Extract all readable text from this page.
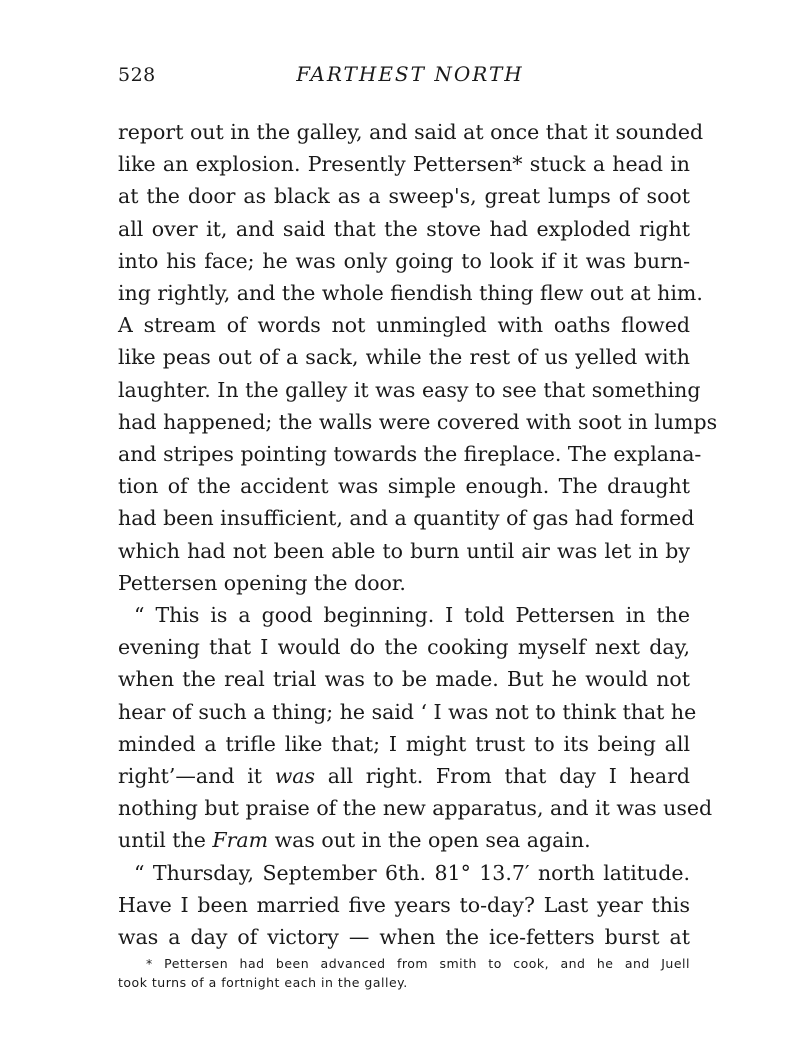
528	FARTHEST NORTH
report out in the galley, and said at once that it sounded
like an explosion. Presently Pettersen* stuck a head in
at the door as black as a sweep's, great lumps of soot
all over it, and said that the stove had exploded right
into his face; he was only going to look if it was burn-
ing rightly, and the whole fiendish thing flew out at him.
A stream of words not unmingled with oaths flowed
like peas out of a sack, while the rest of us yelled with
laughter. In the galley it was easy to see that something
had happened; the walls were covered with soot in lumps
and stripes pointing towards the fireplace. The explana-
tion of the accident was simple enough. The draught
had been insufficient, and a quantity of gas had formed
which had not been able to burn until air was let in by
Pettersen opening the door.
“ This is a good beginning. I told Pettersen in the
evening that I would do the cooking myself next day,
when the real trial was to be made. But he would not
hear of such a thing; he said ‘ I was not to think that he
minded a trifle like that; I might trust to its being all
right’—and it was all right. From that day I heard
nothing but praise of the new apparatus, and it was used
until the Fram was out in the open sea again.
“ Thursday, September 6th. 81° 13.7′ north latitude.
Have I been married five years to-day? Last year this
was a day of victory — when the ice-fetters burst at
* Pettersen had been advanced from smith to cook, and he and Juell
took turns of a fortnight each in the galley.
